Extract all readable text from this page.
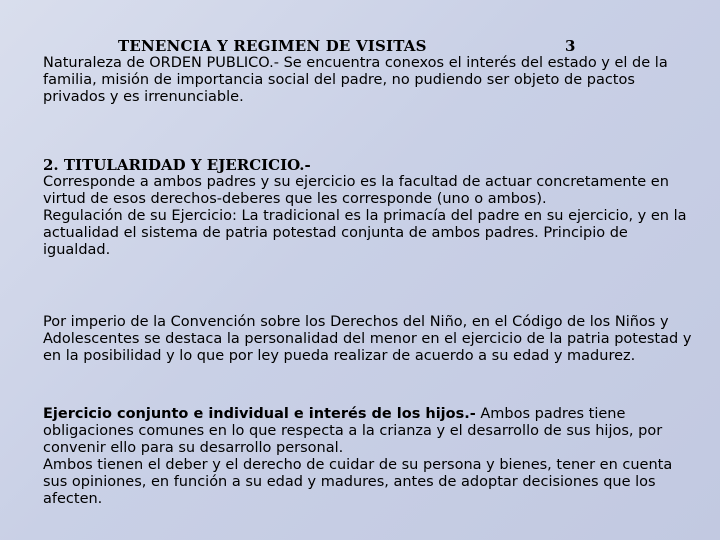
TENENCIA Y REGIMEN DE VISITAS	3

Naturaleza de ORDEN PUBLICO.- Se encuentra conexos el interés del estado y el de la familia, misión de importancia social del padre, no pudiendo ser objeto de pactos privados y es irrenunciable.

2. TITULARIDAD Y EJERCICIO.-

Corresponde a ambos padres y su ejercicio es la facultad de actuar concretamente en virtud de esos derechos-deberes que les corresponde (uno o ambos).

Regulación de su Ejercicio: La tradicional es la primacía del padre en su ejercicio, y en la actualidad el sistema de patria potestad conjunta de ambos padres. Principio de igualdad.

Por imperio de la Convención sobre los Derechos del Niño, en el Código de los Niños y Adolescentes se destaca la personalidad del menor en el ejercicio de la patria potestad y en la posibilidad y lo que por ley pueda realizar de acuerdo a su edad y madurez.

Ejercicio conjunto e individual e interés de los hijos.- Ambos padres tiene obligaciones comunes en lo que respecta a la crianza y el desarrollo de sus hijos, por convenir ello para su desarrollo personal.

Ambos tienen el deber y el derecho de cuidar de su persona y bienes, tener en cuenta sus opiniones, en función a su edad y madures, antes de adoptar decisiones que los afecten.
